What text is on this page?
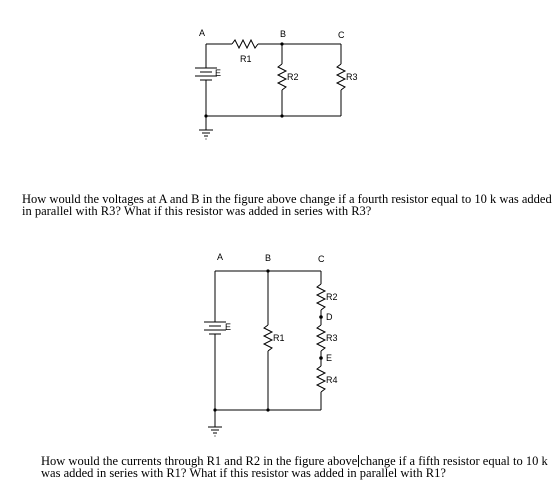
A	B	C
R1
R2	R3
E
A	B	C
D
E
R1
R2
R3
R4
E
How would the voltages at A and B in the figure above change if a fourth resistor equal to 10 k was added
in parallel with R3? What if this resistor was added in series with R3?
How would the currents through R1 and R2 in the figure above change if a fifth resistor equal to 10 k
was added in series with R1? What if this resistor was added in parallel with R1?
